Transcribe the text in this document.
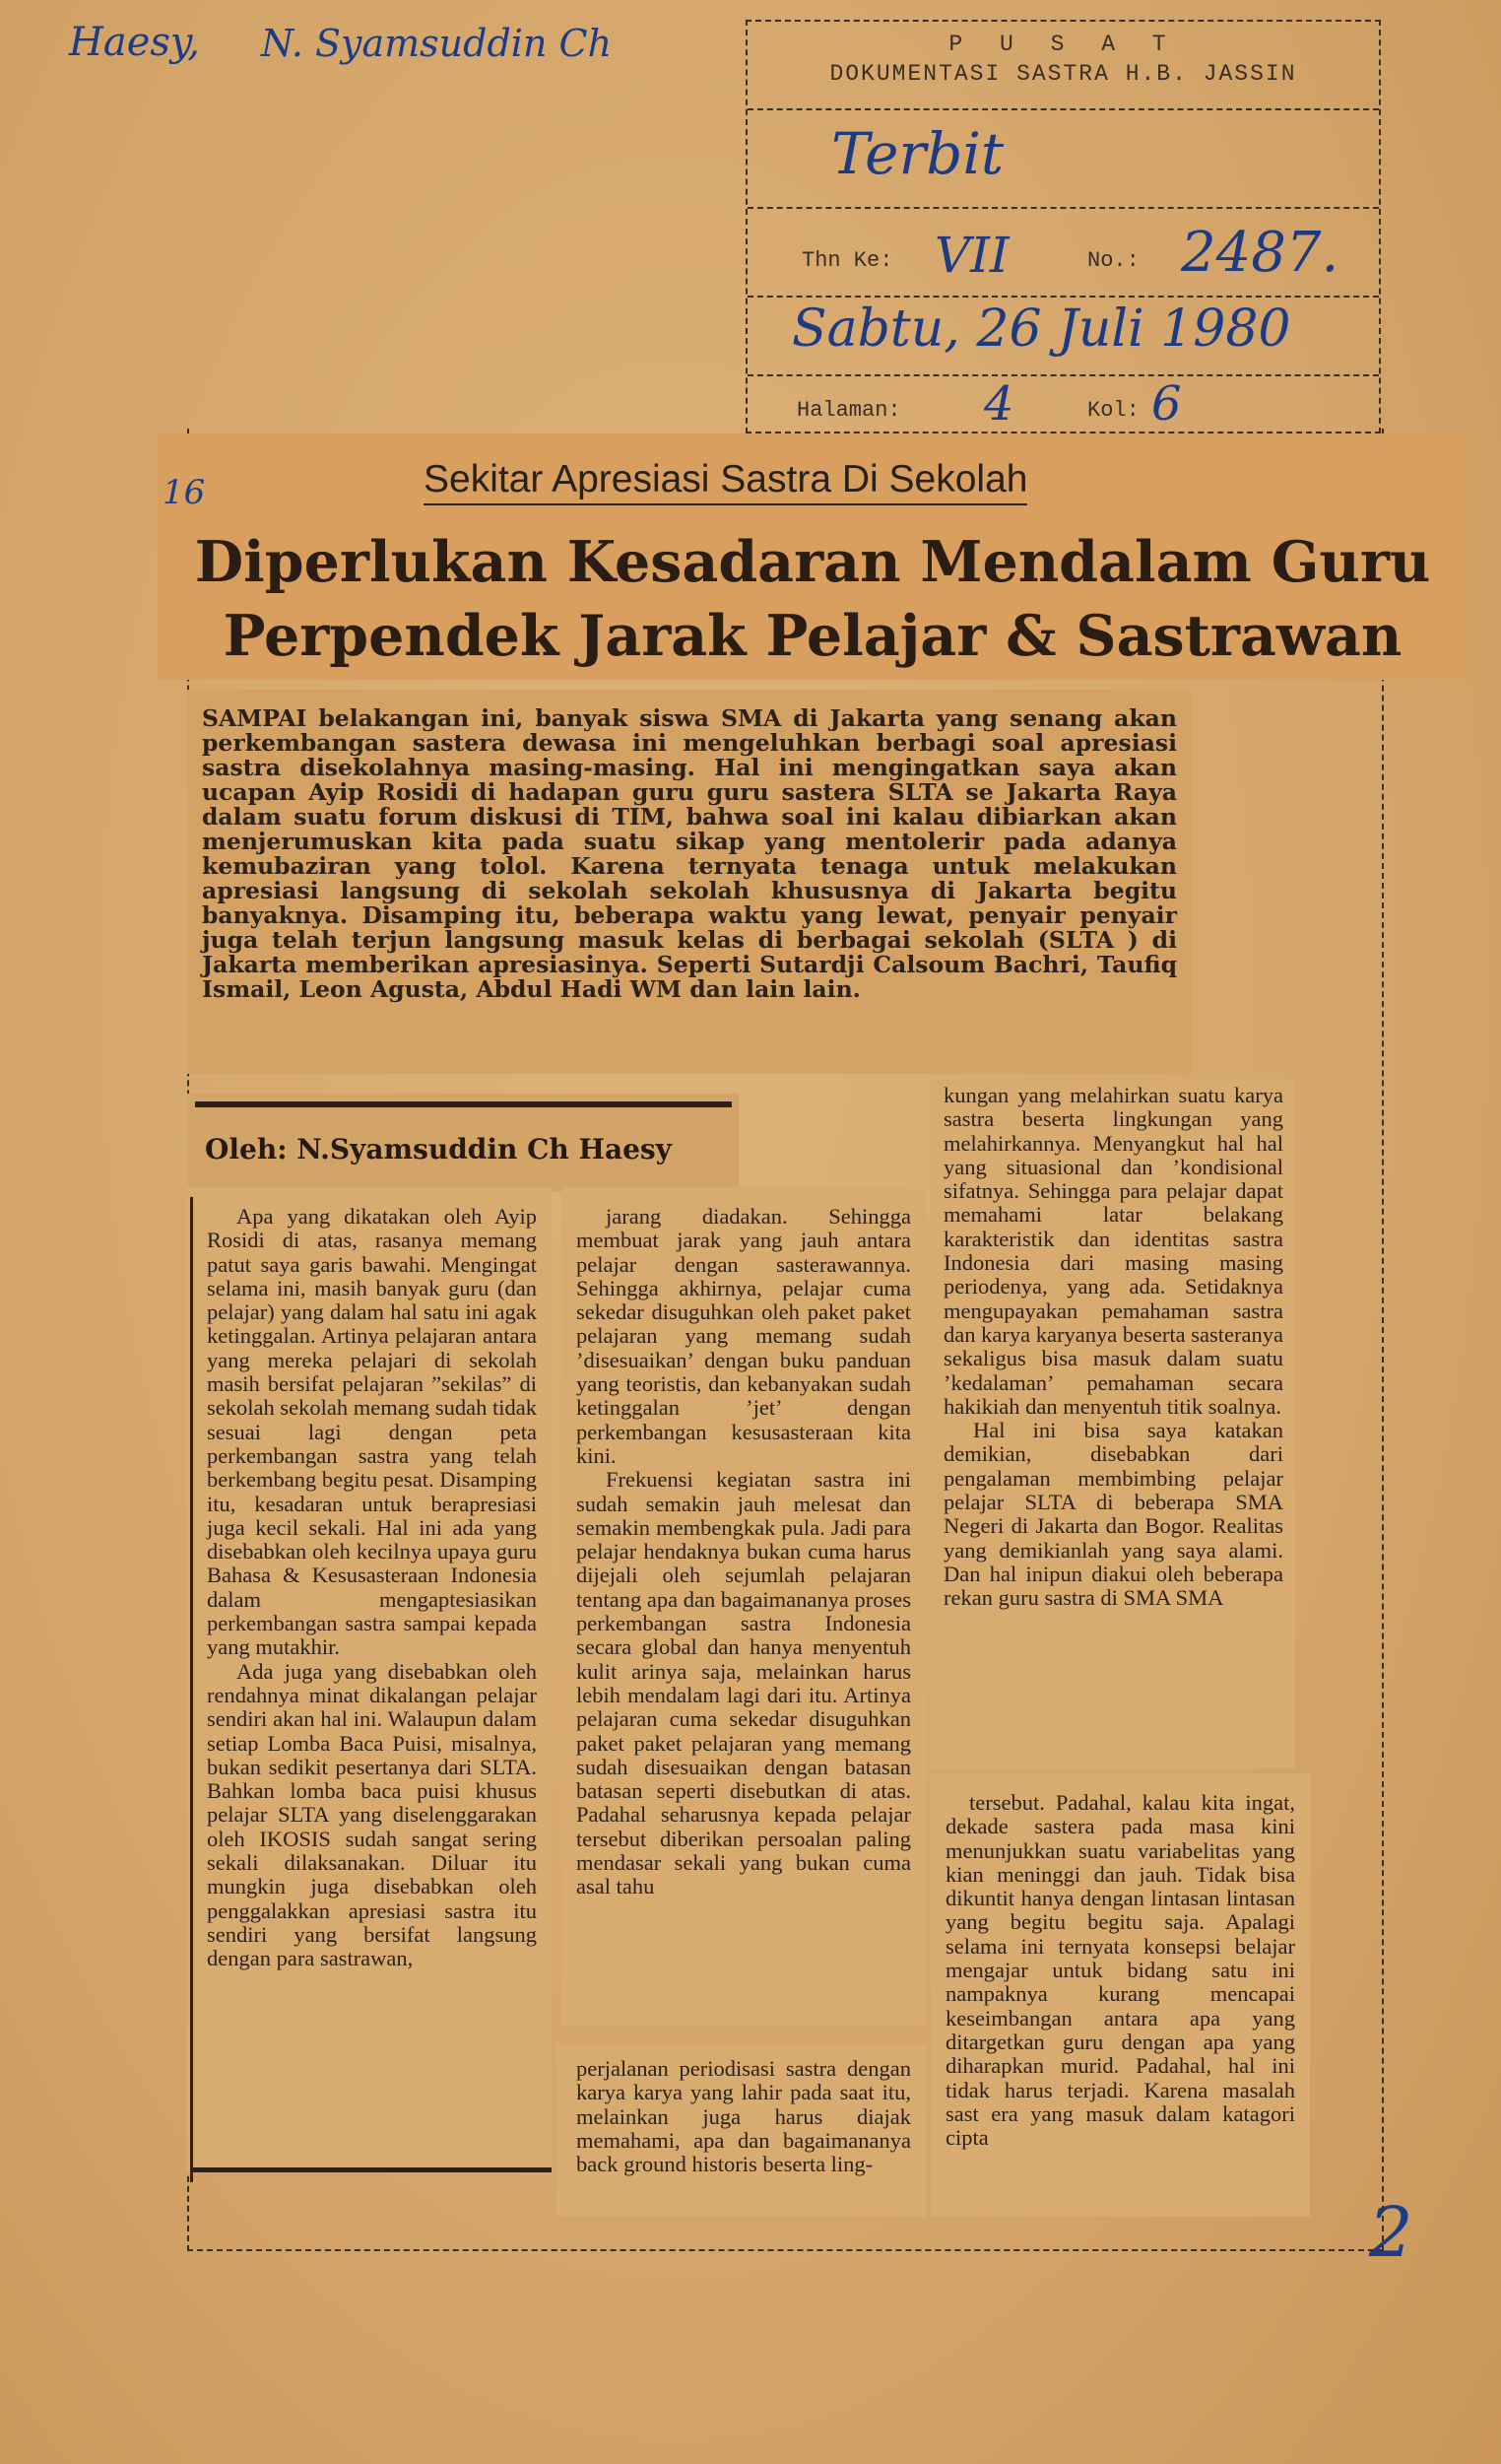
Haesy, N. Syamsuddin Ch
2
P U S A T
DOKUMENTASI SASTRA H.B. JASSIN
Terbit
Thn Ke: VII	No.: 2487.
Sabtu, 26 Juli 1980
Halaman: 4	Kol: 6
16	Sekitar Apresiasi Sastra Di Sekolah
Diperlukan Kesadaran Mendalam Guru
Perpendek Jarak Pelajar & Sastrawan

SAMPAI belakangan ini, banyak siswa SMA di Jakarta yang senang akan perkembangan sastera dewasa ini mengeluhkan berbagi soal apresiasi sastra disekolahnya masing-masing. Hal ini mengingatkan saya akan ucapan Ayip Rosidi di hadapan guru guru sastera SLTA se Jakarta Raya dalam suatu forum diskusi di TIM, bahwa soal ini kalau dibiarkan akan menjerumuskan kita pada suatu sikap yang mentolerir pada adanya kemubaziran yang tolol. Karena ternyata tenaga untuk melakukan apresiasi langsung di sekolah sekolah khususnya di Jakarta begitu banyaknya. Disamping itu, beberapa waktu yang lewat, penyair penyair juga telah terjun langsung masuk kelas di berbagai sekolah (SLTA ) di Jakarta memberikan apresiasinya. Seperti Sutardji Calsoum Bachri, Taufiq Ismail, Leon Agusta, Abdul Hadi WM dan lain lain.

Oleh: N.Syamsuddin Ch Haesy

Apa yang dikatakan oleh Ayip Rosidi di atas, rasanya memang patut saya garis bawahi. Mengingat selama ini, masih banyak guru (dan pelajar) yang dalam hal satu ini agak ketinggalan. Artinya pelajaran antara yang mereka pelajari di sekolah masih bersifat pelajaran ”sekilas” di sekolah sekolah memang sudah tidak sesuai lagi dengan peta perkembangan sastra yang telah berkembang begitu pesat. Disamping itu, kesadaran untuk berapresiasi juga kecil sekali. Hal ini ada yang disebabkan oleh kecilnya upaya guru Bahasa & Kesusasteraan Indonesia dalam mengaptesiasikan perkembangan sastra sampai kepada yang mutakhir.

Ada juga yang disebabkan oleh rendahnya minat dikalangan pelajar sendiri akan hal ini. Walaupun dalam setiap Lomba Baca Puisi, misalnya, bukan sedikit pesertanya dari SLTA. Bahkan lomba baca puisi khusus pelajar SLTA yang diselenggarakan oleh IKOSIS sudah sangat sering sekali dilaksanakan. Diluar itu mungkin juga disebabkan oleh penggalakkan apresiasi sastra itu sendiri yang bersifat langsung dengan para sastrawan,

jarang diadakan. Sehingga membuat jarak yang jauh antara pelajar dengan sasterawannya. Sehingga akhirnya, pelajar cuma sekedar disuguhkan oleh paket paket pelajaran yang memang sudah ’disesuaikan’ dengan buku panduan yang teoristis, dan kebanyakan sudah ketinggalan ’jet’ dengan perkembangan kesusasteraan kita kini.

Frekuensi kegiatan sastra ini sudah semakin jauh melesat dan semakin membengkak pula. Jadi para pelajar hendaknya bukan cuma harus dijejali oleh sejumlah pelajaran tentang apa dan bagaimananya proses perkembangan sastra Indonesia secara global dan hanya menyentuh kulit arinya saja, melainkan harus lebih mendalam lagi dari itu. Artinya pelajaran cuma sekedar disuguhkan paket paket pelajaran yang memang sudah disesuaikan dengan batasan batasan seperti disebutkan di atas. Padahal seharusnya kepada pelajar tersebut diberikan persoalan paling mendasar sekali yang bukan cuma asal tahu

perjalanan periodisasi sastra dengan karya karya yang lahir pada saat itu, melainkan juga harus diajak memahami, apa dan bagaimananya back ground historis beserta ling-

kungan yang melahirkan suatu karya sastra beserta lingkungan yang melahirkannya. Menyangkut hal hal yang situasional dan ’kondisional sifatnya. Sehingga para pelajar dapat memahami latar belakang karakteristik dan identitas sastra Indonesia dari masing masing periodenya, yang ada. Setidaknya mengupayakan pemahaman sastra dan karya karyanya beserta sasteranya sekaligus bisa masuk dalam suatu ’kedalaman’ pemahaman secara hakikiah dan menyentuh titik soalnya.

Hal ini bisa saya katakan demikian, disebabkan dari pengalaman membimbing pelajar pelajar SLTA di beberapa SMA Negeri di Jakarta dan Bogor. Realitas yang demikianlah yang saya alami. Dan hal inipun diakui oleh beberapa rekan guru sastra di SMA SMA

tersebut. Padahal, kalau kita ingat, dekade sastera pada masa kini menunjukkan suatu variabelitas yang kian meninggi dan jauh. Tidak bisa dikuntit hanya dengan lintasan lintasan yang begitu begitu saja. Apalagi selama ini ternyata konsepsi belajar mengajar untuk bidang satu ini nampaknya kurang mencapai keseimbangan antara apa yang ditargetkan guru dengan apa yang diharapkan murid. Padahal, hal ini tidak harus terjadi. Karena masalah sast era yang masuk dalam katagori cipta
